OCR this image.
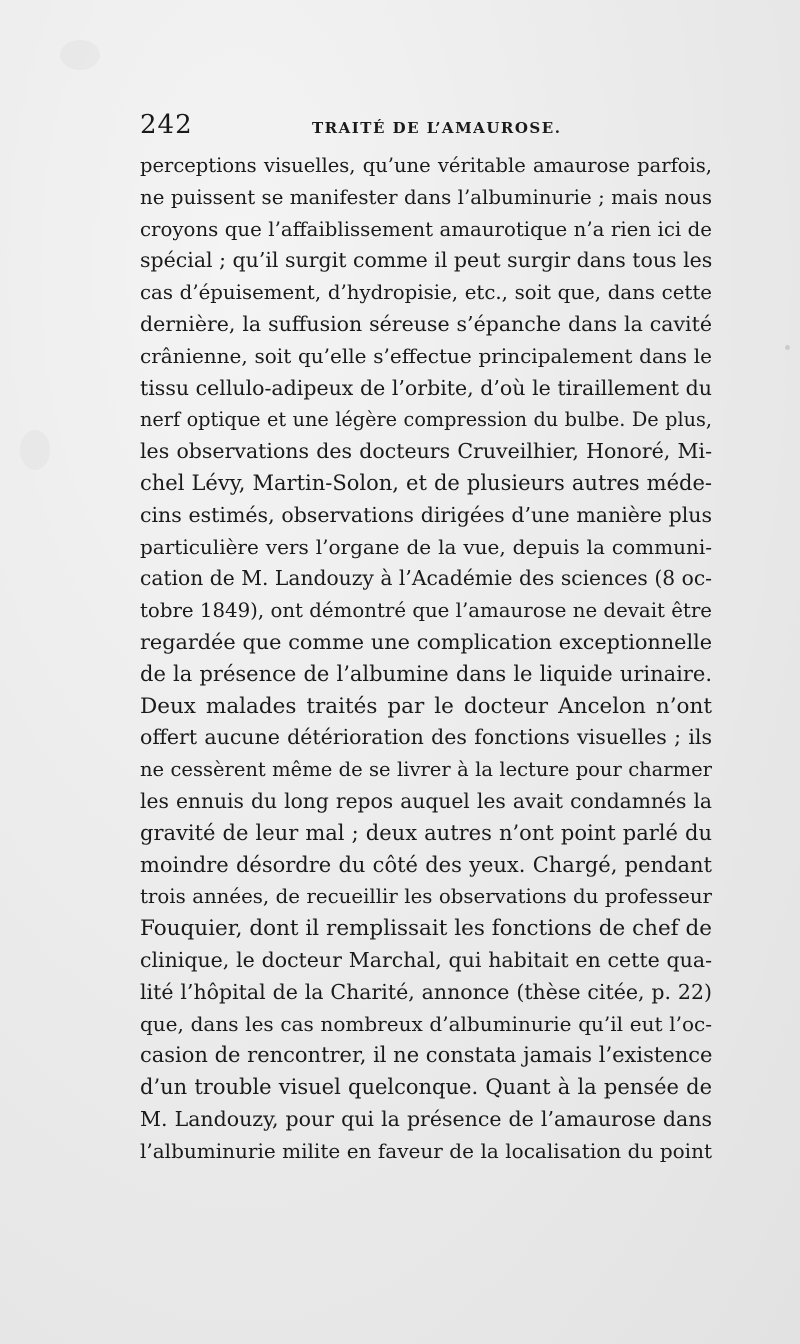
242	TRAITÉ DE L’AMAUROSE.
perceptions visuelles, qu’une véritable amaurose parfois,
ne puissent se manifester dans l’albuminurie ; mais nous
croyons que l’affaiblissement amaurotique n’a rien ici de
spécial ; qu’il surgit comme il peut surgir dans tous les
cas d’épuisement, d’hydropisie, etc., soit que, dans cette
dernière, la suffusion séreuse s’épanche dans la cavité
crânienne, soit qu’elle s’effectue principalement dans le
tissu cellulo-adipeux de l’orbite, d’où le tiraillement du
nerf optique et une légère compression du bulbe. De plus,
les observations des docteurs Cruveilhier, Honoré, Mi-
chel Lévy, Martin-Solon, et de plusieurs autres méde-
cins estimés, observations dirigées d’une manière plus
particulière vers l’organe de la vue, depuis la communi-
cation de M. Landouzy à l’Académie des sciences (8 oc-
tobre 1849), ont démontré que l’amaurose ne devait être
regardée que comme une complication exceptionnelle
de la présence de l’albumine dans le liquide urinaire.
Deux malades traités par le docteur Ancelon n’ont
offert aucune détérioration des fonctions visuelles ; ils
ne cessèrent même de se livrer à la lecture pour charmer
les ennuis du long repos auquel les avait condamnés la
gravité de leur mal ; deux autres n’ont point parlé du
moindre désordre du côté des yeux. Chargé, pendant
trois années, de recueillir les observations du professeur
Fouquier, dont il remplissait les fonctions de chef de
clinique, le docteur Marchal, qui habitait en cette qua-
lité l’hôpital de la Charité, annonce (thèse citée, p. 22)
que, dans les cas nombreux d’albuminurie qu’il eut l’oc-
casion de rencontrer, il ne constata jamais l’existence
d’un trouble visuel quelconque. Quant à la pensée de
M. Landouzy, pour qui la présence de l’amaurose dans
l’albuminurie milite en faveur de la localisation du point
